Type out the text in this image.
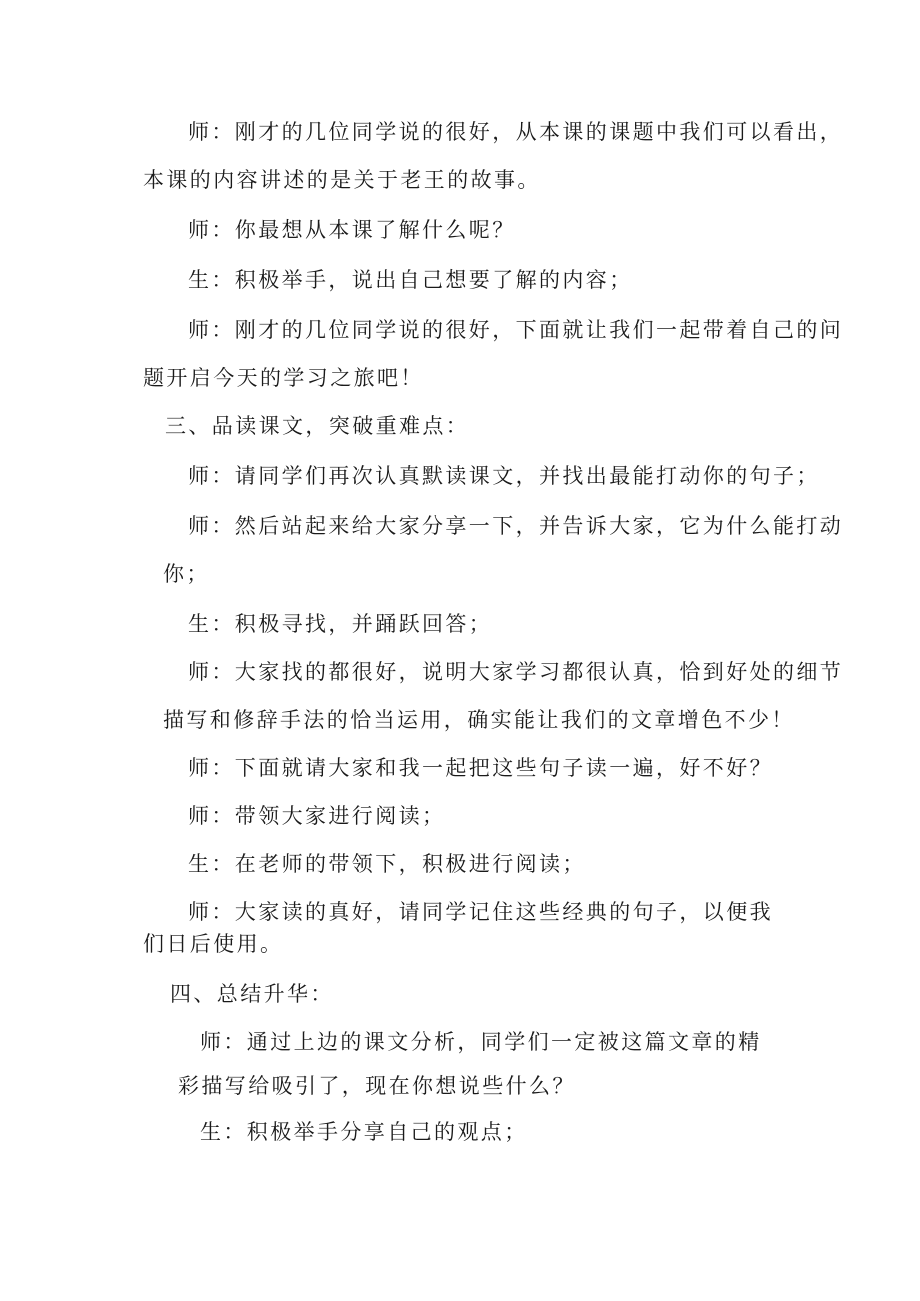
师：刚才的几位同学说的很好，从本课的课题中我们可以看出，
本课的内容讲述的是关于老王的故事。
师：你最想从本课了解什么呢？
生：积极举手，说出自己想要了解的内容；
师：刚才的几位同学说的很好，下面就让我们一起带着自己的问
题开启今天的学习之旅吧！
三、品读课文，突破重难点：
师：请同学们再次认真默读课文，并找出最能打动你的句子；
师：然后站起来给大家分享一下，并告诉大家，它为什么能打动
你；
生：积极寻找，并踊跃回答；
师：大家找的都很好，说明大家学习都很认真，恰到好处的细节
描写和修辞手法的恰当运用，确实能让我们的文章增色不少！
师：下面就请大家和我一起把这些句子读一遍，好不好？
师：带领大家进行阅读；
生：在老师的带领下，积极进行阅读；
师：大家读的真好，请同学记住这些经典的句子，以便我
们日后使用。
四、总结升华：
师：通过上边的课文分析，同学们一定被这篇文章的精
彩描写给吸引了，现在你想说些什么？
生：积极举手分享自己的观点；
